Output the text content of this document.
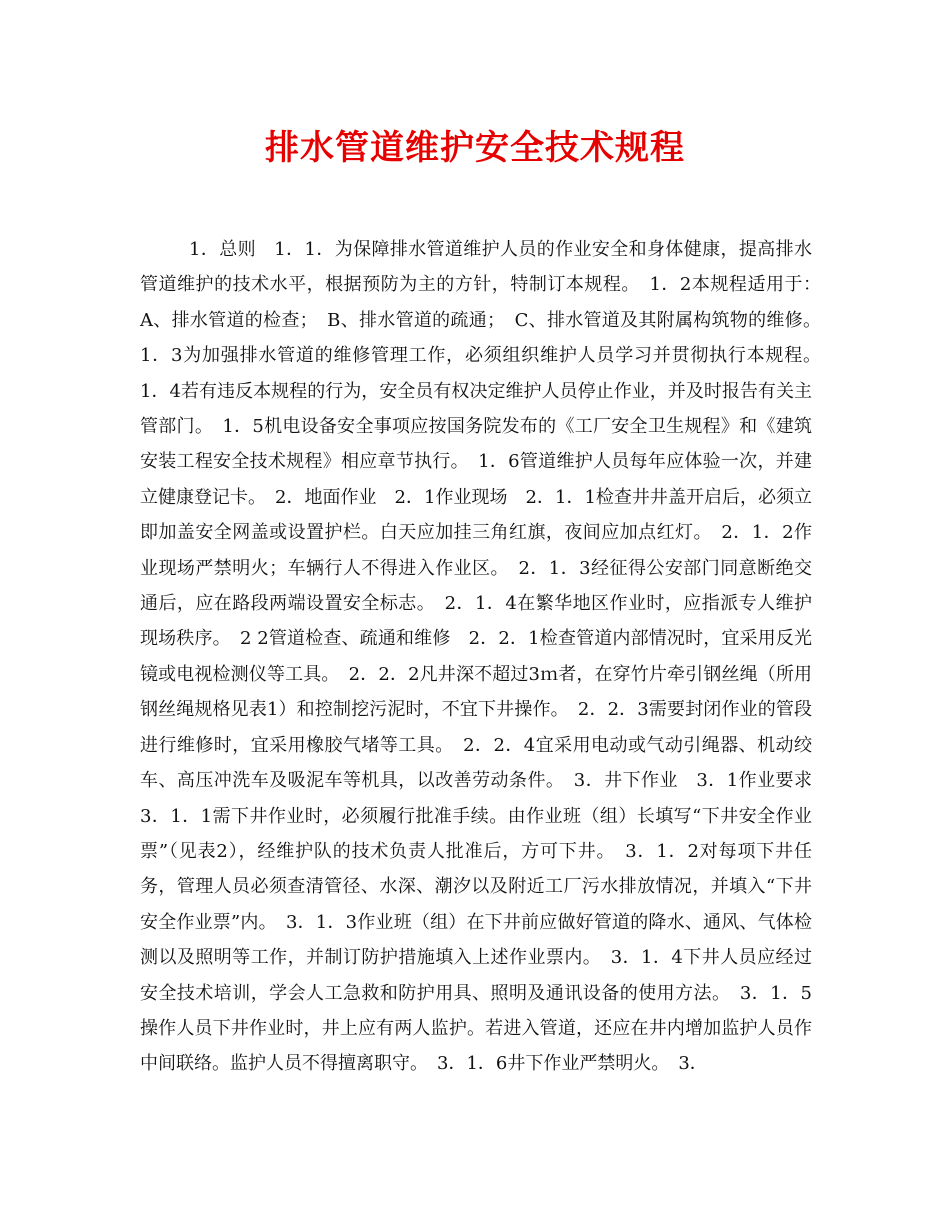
排水管道维护安全技术规程

1．总则　1．1．为保障排水管道维护人员的作业安全和身体健康，提高排水管道维护的技术水平，根据预防为主的方针，特制订本规程。　1．2本规程适用于：　A、排水管道的检查；　B、排水管道的疏通；　C、排水管道及其附属构筑物的维修。　1．3为加强排水管道的维修管理工作，必须组织维护人员学习并贯彻执行本规程。　1．4若有违反本规程的行为，安全员有权决定维护人员停止作业，并及时报告有关主管部门。　1．5机电设备安全事项应按国务院发布的《工厂安全卫生规程》和《建筑安装工程安全技术规程》相应章节执行。　1．6管道维护人员每年应体验一次，并建立健康登记卡。　2．地面作业　2．1作业现场　2．1．1检查井井盖开启后，必须立即加盖安全网盖或设置护栏。白天应加挂三角红旗，夜间应加点红灯。　2．1．2作业现场严禁明火；车辆行人不得进入作业区。　2．1．3经征得公安部门同意断绝交通后，应在路段两端设置安全标志。　2．1．4在繁华地区作业时，应指派专人维护现场秩序。　2 2管道检查、疏通和维修　2．2．1检查管道内部情况时，宜采用反光镜或电视检测仪等工具。　2．2．2凡井深不超过3ｍ者，在穿竹片牵引钢丝绳（所用钢丝绳规格见表1）和控制挖污泥时，不宜下井操作。　2．2．3需要封闭作业的管段进行维修时，宜采用橡胶气堵等工具。　2．2．4宜采用电动或气动引绳器、机动绞车、高压冲洗车及吸泥车等机具，以改善劳动条件。　3．井下作业　3．1作业要求　3．1．1需下井作业时，必须履行批准手续。由作业班（组）长填写“下井安全作业票”（见表2），经维护队的技术负责人批准后，方可下井。　3．1．2对每项下井任务，管理人员必须查清管径、水深、潮汐以及附近工厂污水排放情况，并填入“下井安全作业票”内。　3．1．3作业班（组）在下井前应做好管道的降水、通风、气体检测以及照明等工作，并制订防护措施填入上述作业票内。　3．1．4下井人员应经过安全技术培训，学会人工急救和防护用具、照明及通讯设备的使用方法。　3．1．5操作人员下井作业时，井上应有两人监护。若进入管道，还应在井内增加监护人员作中间联络。监护人员不得擅离职守。　3．1．6井下作业严禁明火。　3．
